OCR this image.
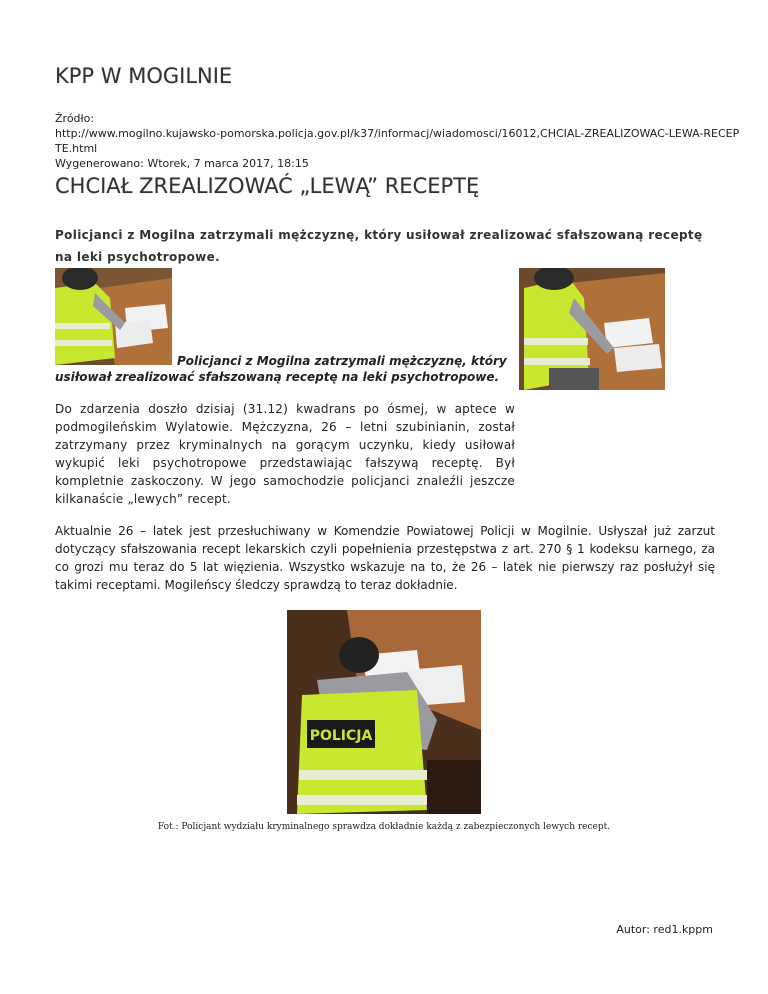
KPP W MOGILNIE
Źródło:
http://www.mogilno.kujawsko-pomorska.policja.gov.pl/k37/informacj/wiadomosci/16012,CHCIAL-ZREALIZOWAC-LEWA-RECEP
TE.html
Wygenerowano: Wtorek, 7 marca 2017, 18:15
CHCIAŁ ZREALIZOWAĆ „LEWĄ” RECEPTĘ
Policjanci z Mogilna zatrzymali mężczyznę, który usiłował zrealizować sfałszowaną receptę na leki psychotropowe.
Policjanci z Mogilna zatrzymali mężczyznę, który usiłował zrealizować sfałszowaną receptę na leki psychotropowe.
Do zdarzenia doszło dzisiaj (31.12) kwadrans po ósmej, w aptece w podmogileńskim Wylatowie. Mężczyzna, 26 – letni szubinianin, został zatrzymany przez kryminalnych na gorącym uczynku, kiedy usiłował wykupić leki psychotropowe przedstawiając fałszywą receptę. Był kompletnie zaskoczony. W jego samochodzie policjanci znaleźli jeszcze kilkanaście „lewych” recept.
Aktualnie 26 – latek jest przesłuchiwany w Komendzie Powiatowej Policji w Mogilnie. Usłyszał już zarzut dotyczący sfałszowania recept lekarskich czyli popełnienia przestępstwa z art. 270 § 1 kodeksu karnego, za co grozi mu teraz do 5 lat więzienia. Wszystko wskazuje na to, że 26 – latek nie pierwszy raz posłużył się takimi receptami. Mogileńscy śledczy sprawdzą to teraz dokładnie.
POLICJA
Fot.: Policjant wydziału kryminalnego sprawdza dokładnie każdą z zabezpieczonych lewych recept.
Autor: red1.kppm
